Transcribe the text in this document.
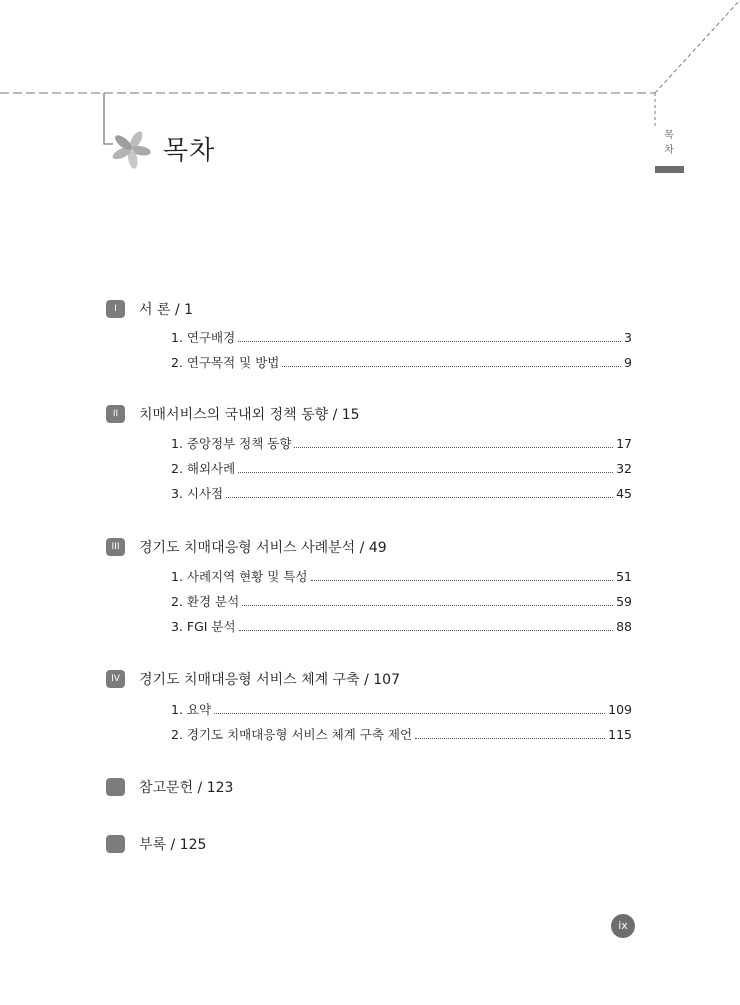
목차
목
차
I	서 론 / 1
1. 연구배경	3
2. 연구목적 및 방법	9
II	치매서비스의 국내외 정책 동향 / 15
1. 중앙정부 정책 동향	17
2. 해외사례	32
3. 시사점	45
III	경기도 치매대응형 서비스 사례분석 / 49
1. 사례지역 현황 및 특성	51
2. 환경 분석	59
3. FGI 분석	88
IV	경기도 치매대응형 서비스 체계 구축 / 107
1. 요약	109
2. 경기도 치매대응형 서비스 체계 구축 제언	115
참고문헌 / 123
부록 / 125
ix
